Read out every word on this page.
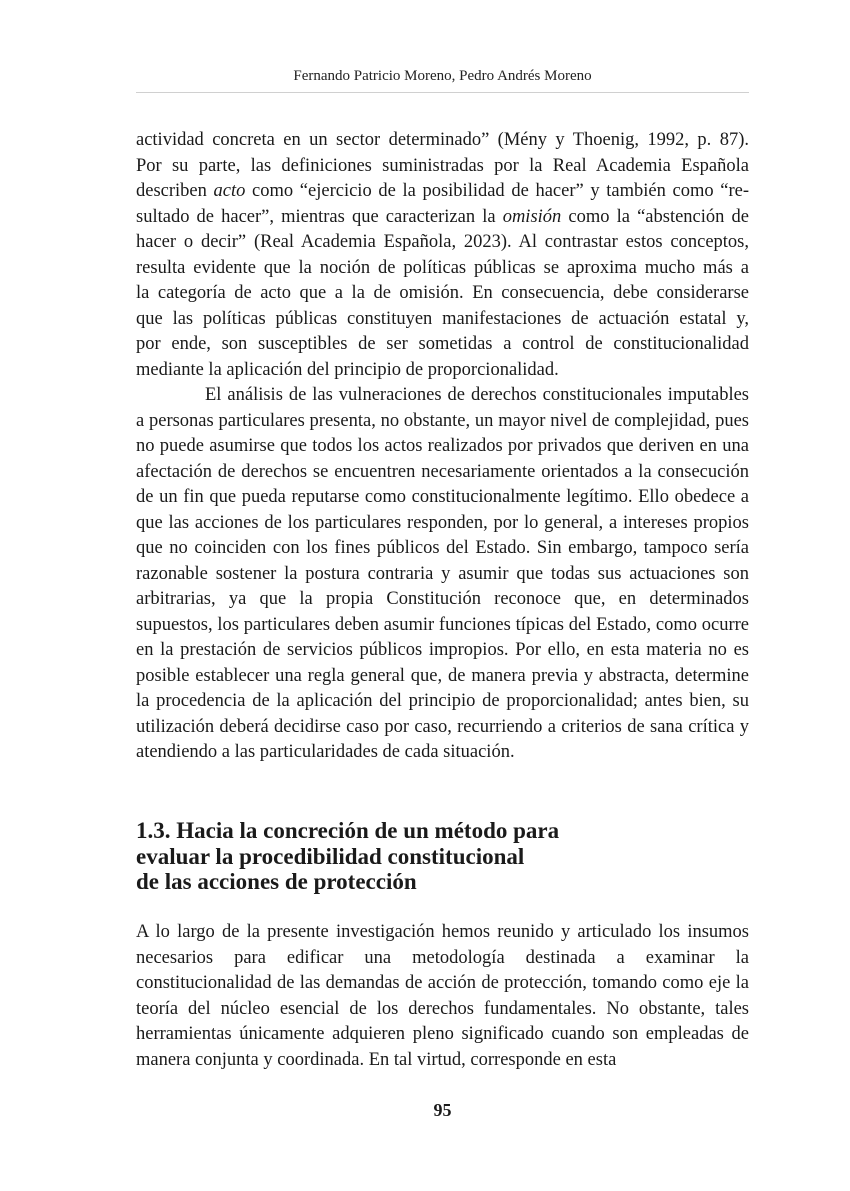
Fernando Patricio Moreno, Pedro Andrés Moreno
actividad concreta en un sector determinado” (Mény y Thoenig, 1992, p. 87).
Por su parte, las definiciones suministradas por la Real Academia Española
describen acto como “ejercicio de la posibilidad de hacer” y también como “re-
sultado de hacer”, mientras que caracterizan la omisión como la “abstención de
hacer o decir” (Real Academia Española, 2023). Al contrastar estos conceptos,
resulta evidente que la noción de políticas públicas se aproxima mucho más a
la categoría de acto que a la de omisión. En consecuencia, debe considerarse
que las políticas públicas constituyen manifestaciones de actuación estatal y,
por ende, son susceptibles de ser sometidas a control de constitucionalidad
mediante la aplicación del principio de proporcionalidad.

El análisis de las vulneraciones de derechos constitucionales imputables a personas particulares presenta, no obstante, un mayor nivel de complejidad, pues no puede asumirse que todos los actos realizados por privados que deriven en una afectación de derechos se encuentren necesariamente orientados a la consecución de un fin que pueda reputarse como constitucionalmente legítimo. Ello obedece a que las acciones de los particulares responden, por lo general, a intereses propios que no coinciden con los fines públicos del Estado. Sin embargo, tampoco sería razonable sostener la postura contraria y asumir que todas sus actuaciones son arbitrarias, ya que la propia Constitución reconoce que, en determinados supuestos, los particulares deben asumir funciones típicas del Estado, como ocurre en la prestación de servicios públicos impropios. Por ello, en esta materia no es posible establecer una regla general que, de manera previa y abstracta, determine la procedencia de la aplicación del principio de proporcionalidad; antes bien, su utilización deberá decidirse caso por caso, recurriendo a criterios de sana crítica y atendiendo a las particularidades de cada situación.

1.3. Hacia la concreción de un método para
evaluar la procedibilidad constitucional
de las acciones de protección

A lo largo de la presente investigación hemos reunido y articulado los insumos necesarios para edificar una metodología destinada a examinar la constitucionalidad de las demandas de acción de protección, tomando como eje la teoría del núcleo esencial de los derechos fundamentales. No obstante, tales herramientas únicamente adquieren pleno significado cuando son empleadas de manera conjunta y coordinada. En tal virtud, corresponde en esta

95
